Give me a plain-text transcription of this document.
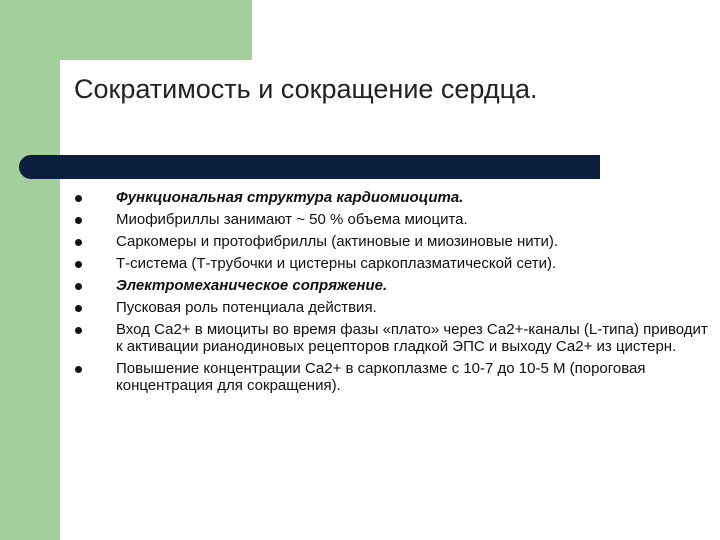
Сократимость и сокращение сердца.
Функциональная структура кардиомиоцита.
Миофибриллы занимают ~ 50 % объема миоцита.
Саркомеры и протофибриллы (актиновые и миозиновые нити).
Т-система (Т-трубочки и цистерны саркоплазматической сети).
Электромеханическое сопряжение.
Пусковая роль потенциала действия.
Вход Са2+ в миоциты во время фазы «плато» через Са2+-каналы (L-типа) приводит к активации рианодиновых рецепторов гладкой ЭПС и выходу Са2+ из цистерн.
Повышение концентрации Са2+ в саркоплазме с 10-7 до 10-5 М (пороговая концентрация для сокращения).
